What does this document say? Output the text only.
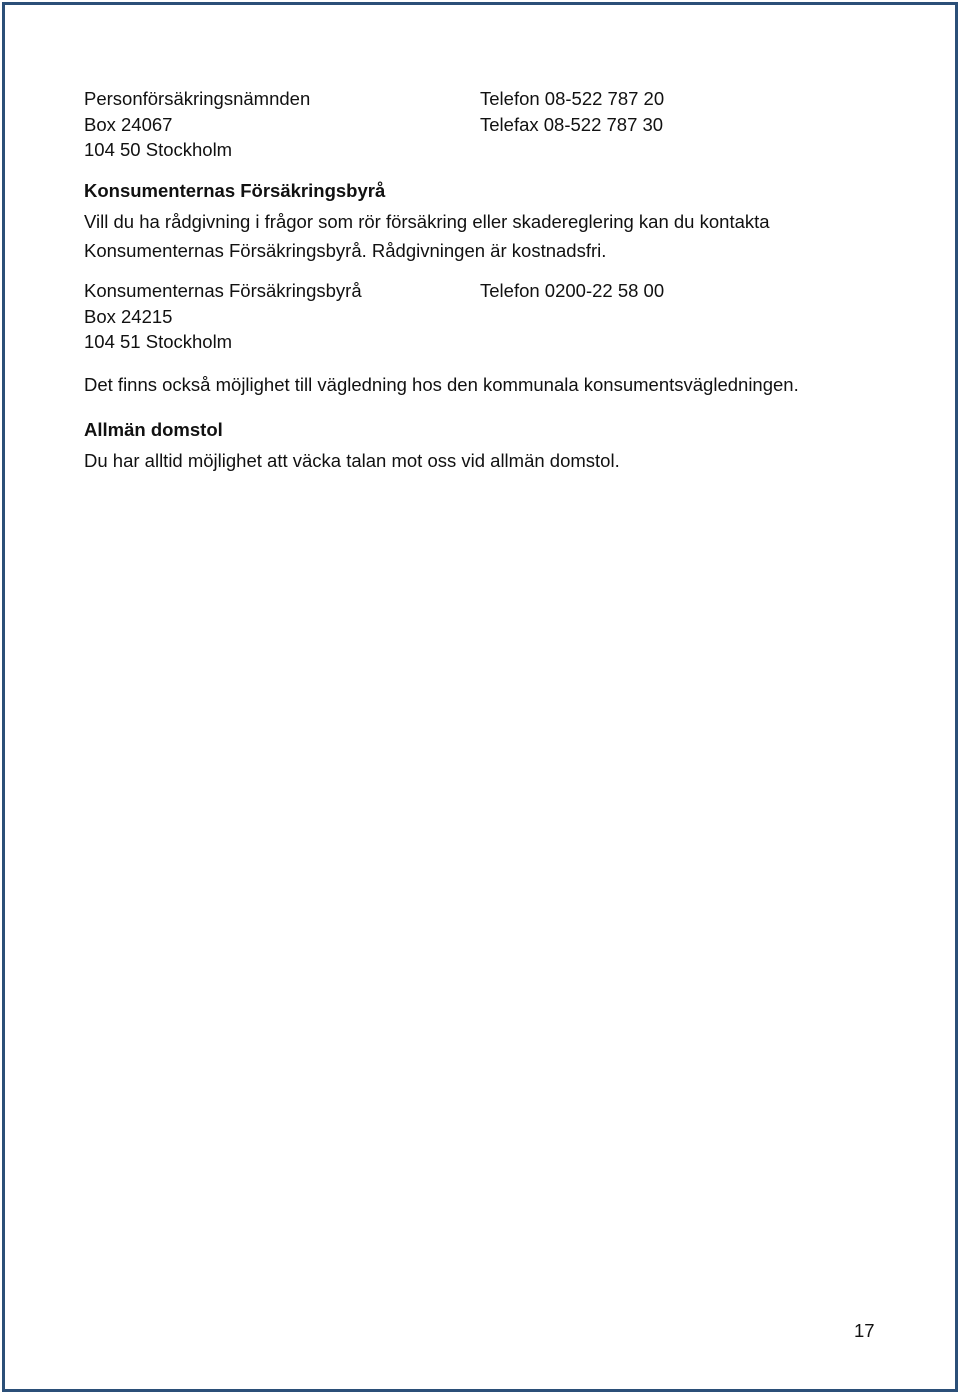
Personförsäkringsnämnden	Telefon 08-522 787 20
Box 24067	Telefax 08-522 787 30
104 50 Stockholm
Konsumenternas Försäkringsbyrå
Vill du ha rådgivning i frågor som rör försäkring eller skadereglering kan du kontakta
Konsumenternas Försäkringsbyrå. Rådgivningen är kostnadsfri.
Konsumenternas Försäkringsbyrå	Telefon 0200-22 58 00
Box 24215
104 51 Stockholm
Det finns också möjlighet till vägledning hos den kommunala konsumentsvägledningen.
Allmän domstol
Du har alltid möjlighet att väcka talan mot oss vid allmän domstol.
17
